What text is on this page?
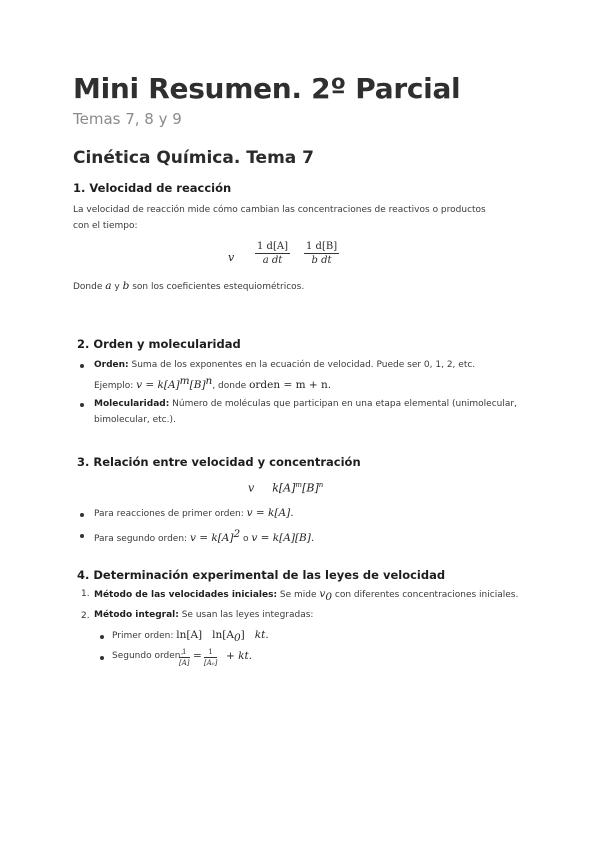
Mini Resumen. 2º Parcial
Temas 7, 8 y 9
Cinética Química. Tema 7
1. Velocidad de reacción
La velocidad de reacción mide cómo cambian las concentraciones de reactivos o productos con el tiempo:
v $\frac{1 d[A]}{\text{a dt}} \frac{1 d[B]}{\text{b dt}}$
Donde a y b son los coeficientes estequiométricos.
2. Orden y molecularidad
Orden: Suma de los exponentes en la ecuación de velocidad. Puede ser 0, 1, 2, etc.
Ejemplo: $v = k[A]^m[B]^n$, donde orden = m + n.
Molecularidad: Número de moléculas que participan en una etapa elemental (unimolecular,
bimolecular, etc.).
3. Relación entre velocidad y concentración
v $k[A]^m[B]^n$
Para reacciones de primer orden: v = k[A].
Para segundo orden: $v = k[A]^2$ o v = k[A][B].
4. Determinación experimental de las leyes de velocidad
1. Método de las velocidades iniciales: Se mide $v_0$ con diferentes concentraciones iniciales.
2. Método integral: Se usan las leyes integradas:
Primer orden: ln[A] $\ln[A_0]$ kt.
Segundo orden:
$\frac{1}{[A]} = \frac{1}{\text{[A₀]}}$ + kt.
